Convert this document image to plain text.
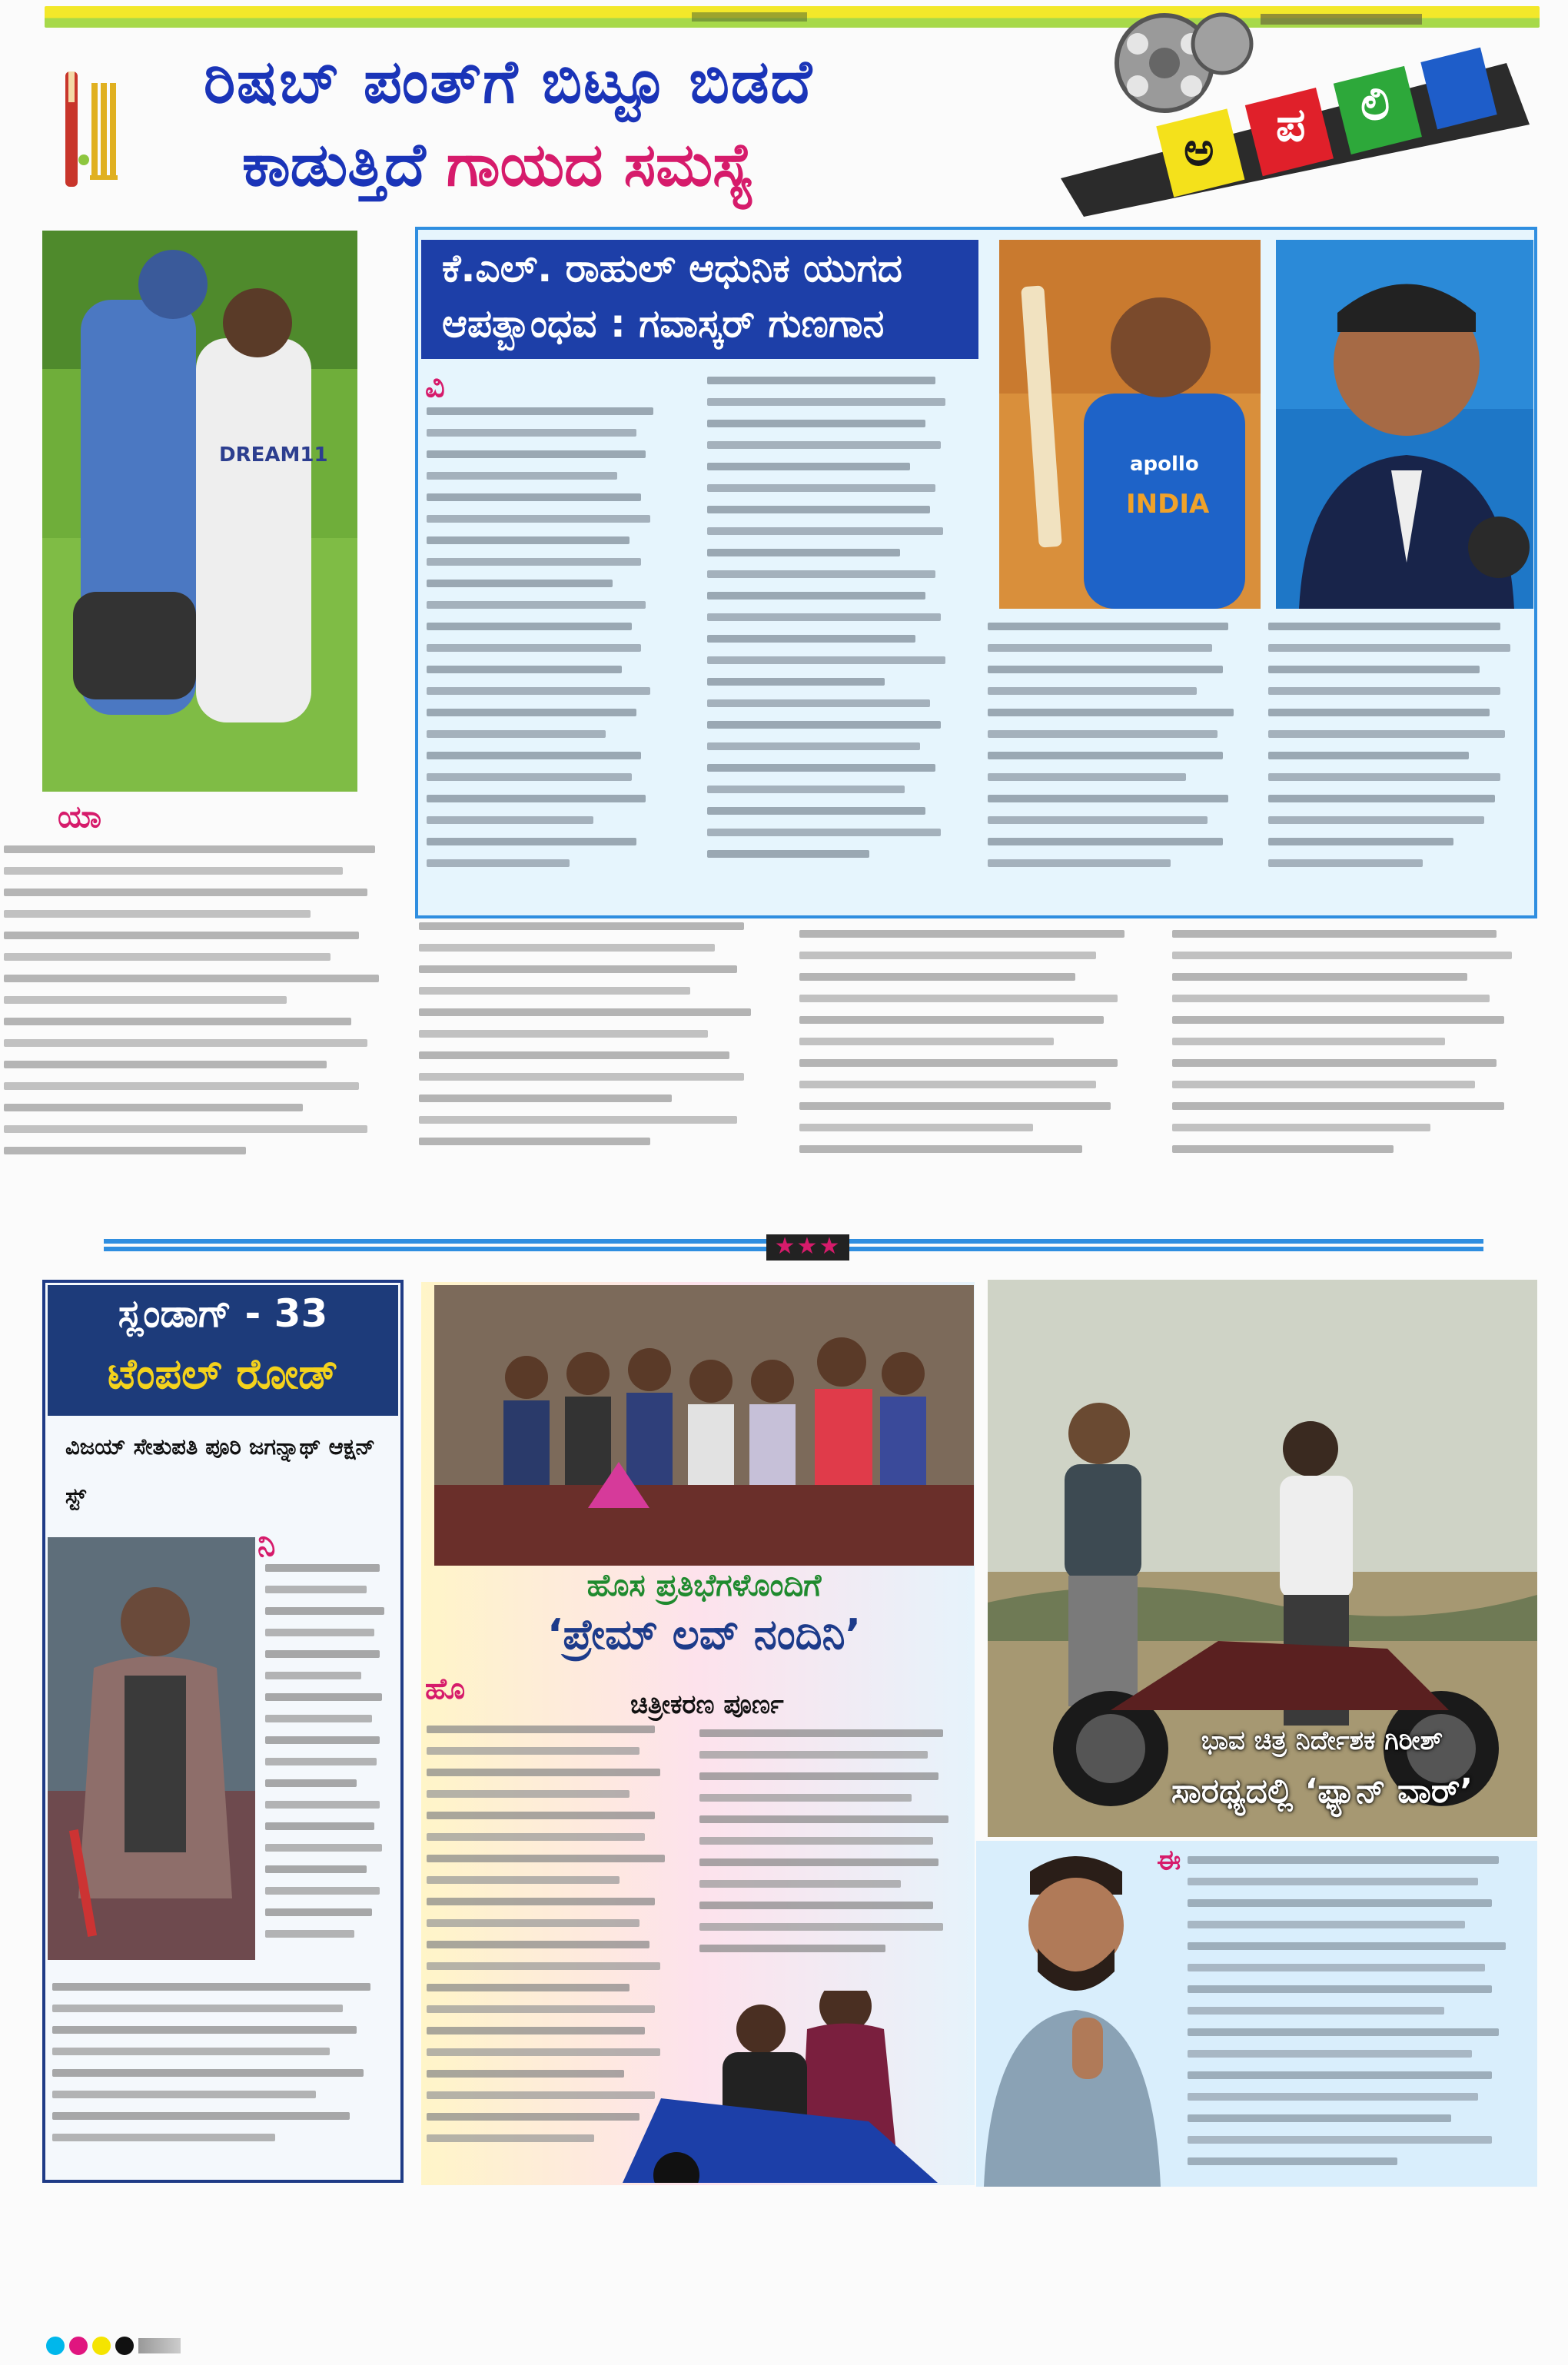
ರಿಷಬ್ ಪಂತ್‌ಗೆ ಬಿಟ್ಟೂ ಬಿಡದೆ
ಕಾಡುತ್ತಿದೆ ಗಾಯದ ಸಮಸ್ಯೆ	ಅ ಪ ಲಿ
DREAM11
ಯಾ
ಕೆ.ಎಲ್. ರಾಹುಲ್ ಆಧುನಿಕ ಯುಗದ
ಆಪತ್ಬಾಂಧವ : ಗವಾಸ್ಕರ್ ಗುಣಗಾನ
apollo
INDIA
ವಿ
★★★
ಸ್ಲಂಡಾಗ್ - 33
ಟೆಂಪಲ್ ರೋಡ್
ವಿಜಯ್ ಸೇತುಪತಿ ಪೂರಿ ಜಗನ್ನಾಥ್ ಆಕ್ಷನ್ ಸ್ಟ್
ನಿ
ಹೊಸ ಪ್ರತಿಭೆಗಳೊಂದಿಗೆ
‘ಪ್ರೇಮ್ ಲವ್ ನಂದಿನಿ’
ಹೊ	ಚಿತ್ರೀಕರಣ ಪೂರ್ಣ
ಭಾವ ಚಿತ್ರ ನಿರ್ದೇಶಕ ಗಿರೀಶ್
ಸಾರಥ್ಯದಲ್ಲಿ ‘ಫ್ಯಾನ್ ವಾರ್’
ಈ
